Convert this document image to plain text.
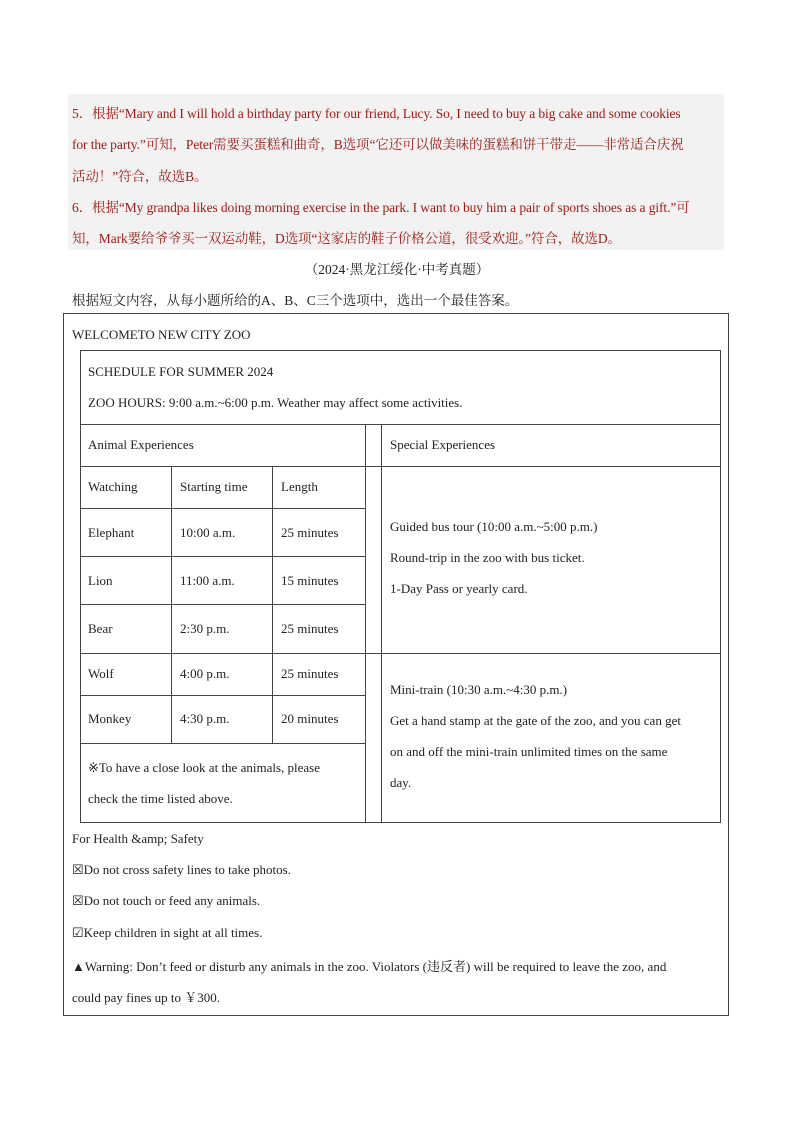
5．根据“Mary and I will hold a birthday party for our friend, Lucy. So, I need to buy a big cake and some cookies
for the party.”可知，Peter需要买蛋糕和曲奇，B选项“它还可以做美味的蛋糕和饼干带走——非常适合庆祝
活动！”符合，故选B。
6．根据“My grandpa likes doing morning exercise in the park. I want to buy him a pair of sports shoes as a gift.”可
知，Mark要给爷爷买一双运动鞋，D选项“这家店的鞋子价格公道，很受欢迎。”符合，故选D。
（2024·黑龙江绥化·中考真题）
根据短文内容，从每小题所给的A、B、C三个选项中，选出一个最佳答案。
WELCOMETO NEW CITY ZOO
SCHEDULE FOR SUMMER 2024
ZOO HOURS: 9:00 a.m.~6:00 p.m. Weather may affect some activities.
Animal Experiences	Special Experiences
Watching	Starting time	Length
Elephant	10:00 a.m.	25 minutes
Lion	11:00 a.m.	15 minutes
Bear	2:30 p.m.	25 minutes
Wolf	4:00 p.m.	25 minutes
Monkey	4:30 p.m.	20 minutes
※To have a close look at the animals, please
check the time listed above.
Guided bus tour (10:00 a.m.~5:00 p.m.)
Round-trip in the zoo with bus ticket.
1-Day Pass or yearly card.
Mini-train (10:30 a.m.~4:30 p.m.)
Get a hand stamp at the gate of the zoo, and you can get
on and off the mini-train unlimited times on the same
day.
For Health &amp; Safety
☒Do not cross safety lines to take photos.
☒Do not touch or feed any animals.
☑Keep children in sight at all times.
▲Warning: Don’t feed or disturb any animals in the zoo. Violators (违反者) will be required to leave the zoo, and
could pay fines up to ￥300.
